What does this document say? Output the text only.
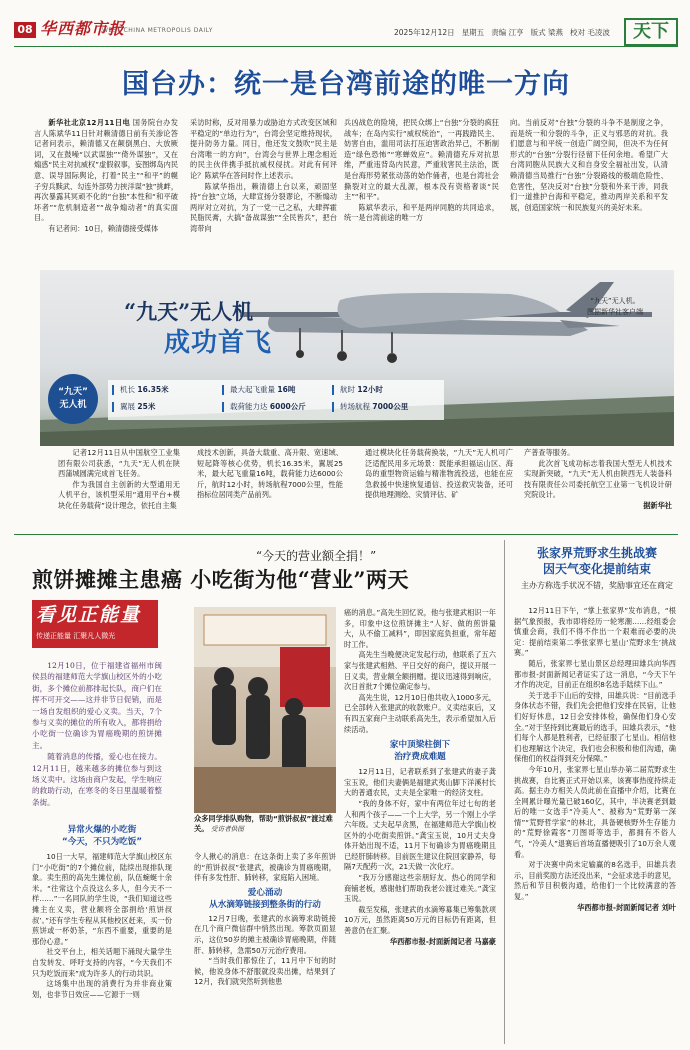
08 华西都市报
WEST CHINA METROPOLIS DAILY	2025年12月12日 星期五 责编 江亨 版式 梁燕 校对 毛凌波	天下
国台办：统一是台湾前途的唯一方向

新华社北京12月11日电 国务院台办发言人陈斌华11日针对赖清德日前有关渗论答记者问表示，赖清德又在颠倒黑白、大放厥词，又在鼓噪“以武谋独”“倚外谋独”，又在煽惑“民主对抗威权”虚假叙事，妄图绑岛内民意、误导国际舆论，打着“民主”“和平”的幌子穷兵黩武、勾连外部势力挟洋谋“独”挑衅，再次暴露其冥顽不化的“台独”本性和“和平破坏者”“危机制造者”“战争煽动者”的真实面目。

有记者问：10日，赖清德接受媒体

采访时称，反对用暴力或胁迫方式改变区域和平稳定的“单边行为”，台湾会坚定维持现状，提升防务力量。同日，他还发文鼓吹“民主是台湾唯一的方向”，台湾会与世界上理念相近的民主伙伴携手抵抗威权侵扰。对此有何评论？陈斌华在答问时作上述表示。

陈斌华指出，赖清德上台以来，顽固坚持“台独”立场，大肆宣扬分裂谬论，不断煽动两岸对立对抗，为了一党一己之私，大肆挥霍民脂民膏，大搞“备战谋独”“全民皆兵”，把台湾带向

兵凶战危的险境，把民众绑上“台独”分裂的疯狂战车；在岛内实行“威权统治”，一再践踏民主、妨害自由，滥用司法打压迫害政治异己，不断制造“绿色恐怖”“寒蝉效应”。赖清德充斥对抗思维，严重违背岛内民意，严重戕害民主法治，既是台海形势紧张动荡的始作俑者，也是台湾社会撕裂对立的最大乱源，根本没有资格奢谈“民主”“和平”。

陈斌华表示，和平是两岸同胞的共同追求，统一是台湾前途的唯一方

向。当前反对“台独”分裂的斗争不是制度之争，而是统一和分裂的斗争，正义与邪恶的对抗。我们愿意与和平统一创造广阔空间，但决不为任何形式的“台独”分裂行径留下任何余地。希望广大台湾同胞从民族大义和自身安全福祉出发，认清赖清德当局推行“台独”分裂路线的极端危险性、危害性，坚决反对“台独”分裂和外来干涉，同我们一道推护台海和平稳定，推动两岸关系和平发展，创造国家统一和民族复兴的美好未来。

“九天”无人机
成功首飞
“九天”无人机。
图据新华社客户端
“九天”
无人机
机长 16.35米
翼展 25米
最大起飞重量 16吨
载荷能力达 6000公斤
航时 12小时
转场航程 7000公里

记者12月11日从中国航空工业集团有限公司获悉，“九天”无人机在陕西蒲城圆满完成首飞任务。

作为我国自主创新的大型通用无人机平台，该机型采用“通用平台+模块化任务载荷”设计理念，依托自主集

成技术创新，具备大载重、高升限、宽速域、短起降等核心优势，机长16.35米，翼展25米，最大起飞重量16吨，载荷能力达6000公斤，航时12小时，转场航程7000公里，性能指标位居同类产品前列。

通过模块化任务载荷换装，“九天”无人机可广泛适配民用多元场景：既能承担福运山区、海岛的重型物资运输与精准物流投送，也能在应急救援中快速恢复通信、投送救灾装备，还可提供地理测绘、灾情评估、矿

产普查等服务。

此次首飞成功标志着我国大型无人机技术实现新突破，“九天”无人机由陕西无人装备科技有限责任公司委托航空工业第一飞机设计研究院设计。

据新华社

“今天的营业额全捐！”
煎饼摊摊主患癌 小吃街为他“营业”两天
看见正能量
传递正能量 汇聚凡人微光

12月10日，位于福建省福州市闽侯县的福建师范大学旗山校区外的小吃街，多个摊位前都排起长队，商户们在挥不可开交——这并非节日促销，而是一场自发组织的爱心义卖。当天，7个参与义卖的摊位的所有收入，都将捐给小吃街一位确诊为胃癌晚期的煎饼摊主。

随着消息的传播，爱心也在接力。12月11日，越来越多的摊位参与到这场义卖中。这场由商户发起，学生响应的救助行动，在寒冬的冬日里温暖着整条街。

异常火爆的小吃街
“今天，不只为吃饭”

10日一大早，福建师范大学旗山校区东门“小吃街”的7个摊位前，陆续出现排队现象。卖生煎的高先生摊位前，队伍蜿蜒十余米。“往常这个点没这么多人，但今天不一样……”一名同队的学生说，“我们知道这些摊主在义卖，营业额将全部捐给‘煎饼叔叔’。”还有学生专程从其他校区赶来，买一份煎饼或一杯奶茶，“东西不重要，重要的是那份心意。”

社交平台上，相关话题下涌现大量学生自发转发、呼吁支持的内容，“今天我们不只为吃饭而来”成为许多人的行动共识。

这场集中出现的消费行为并非商业策划，也非节日效应——它源于一则

众多同学排队购物，帮助“煎饼叔叔”渡过难关。 受访者供图

令人揪心的消息：在这条街上卖了多年煎饼的“煎饼叔叔”张建武，被确诊为胃癌晚期，伴有多发性肝、肺转移，家庭陷入困境。

爱心涌动
从水滴筹链接到整条街的行动

12月7日晚，张建武的水滴筹求助链接在几个商户微信群中悄然出现。筹款页面显示，这位50岁的摊主被确诊胃癌晚期，伴随肝、肺转移，急需50万元治疗费用。

“当时我们都惊住了，11月中下旬的时候，他说身体不舒服就没卖出摊，结果到了12月，我们就突然听到他患

癌的消息。”高先生回忆说，他与张建武相识一年多，印象中这位煎饼摊主“人好、做的煎饼量大，从不偷工减料”，即因家庭负担重，常年超时工作。

高先生当晚便决定发起行动，他联系了五六家与张建武相熟、平日交好的商户，提议开展一日义卖，营业额全额捐赠。提议迅速得到响应，次日首批7个摊位确定参与。

高先生说，12月10日他共收入1000多元，已全部转入张建武的收款账户。义卖结束后，又有四五家商户主动联系高先生，表示希望加入后续活动。

家中顶梁柱倒下
治疗费成难题

12月11日，记者联系到了张建武的妻子龚宝玉说，他们夫妻俩是福建武夷山脚下洋溪村长大的普通农民，丈夫是全家唯一的经济支柱。

“我的身体不好，家中有两位年过七旬的老人和两个孩子——一个上大学，另一个刚上小学六年级。丈夫起早贪黑，在福建师范大学旗山校区外的小吃街卖煎饼。”龚宝玉说，10月丈夫身体开始出现不适，11月下旬确诊为胃癌晚期且已经肝肺转移。目前医生建议住院回家静养，每隔7天配药一次，21天做一次化疗。

“我万分感谢这些亲朋好友、热心的同学和商铺老板，感谢他们帮助我老公渡过难关。”龚宝玉说。

截至发稿，张建武的水滴筹募集已筹集款项10万元，虽然距离50万元的目标仍有距离，但善意仍在汇聚。

华西都市报-封面新闻记者 马嘉豪

张家界荒野求生挑战赛
因天气变化提前结束
主办方称选手状况不错，奖励事宜还在商定

12月11日下午，“掌上张家界”发布消息，“根据气象预报，我市即将经历一轮寒潮……经组委会慎重会商，我们不得不作出一个艰难而必要的决定：提前结束第二季张家界七星山‘荒野求生’挑战赛。”

随后，张家界七星山景区总经理田雄兵向华西都市报-封面新闻记者证实了这一消息，“今天下午才作的决定，目前正在组织8名选手陆续下山。”

关于选手下山后的安排，田雄兵说：“目前选手身体状态不错，我们先会把他们安排在民宿，让他们好好休息，12日会安排体检，确保他们身心安全。”对于坚持到比赛最后的选手，田雄兵表示，“他们每个人都是胜利者，已经征服了七星山。相信他们也理解这个决定，我们也会积极和他们沟通，确保他们的权益得到充分保障。”

今年10月，张家界七星山举办第二届荒野求生挑战赛，自比赛正式开始以来，该赛事热度持续走高。据主办方相关人员此前在直播中介绍，比赛在全网累计曝光量已破160亿，其中，半决赛老到最后的唯一女选手“冷美人”、被称为“荒野第一深情”“荒野哲学家”的林北，具备硬核野外生存能力的“荒野徐霞客”刀图哥等选手，都拥有不俗人气，“冷美人”退赛后首场直播便吸引了10万余人观看。

对于决赛中尚未定输赢的8名选手，田雄兵表示，目前奖励方法还没出来，“会征求选手的意见，然后和节目积极沟通，给他们一个比较满意的答复。”

华西都市报-封面新闻记者 刘叶
